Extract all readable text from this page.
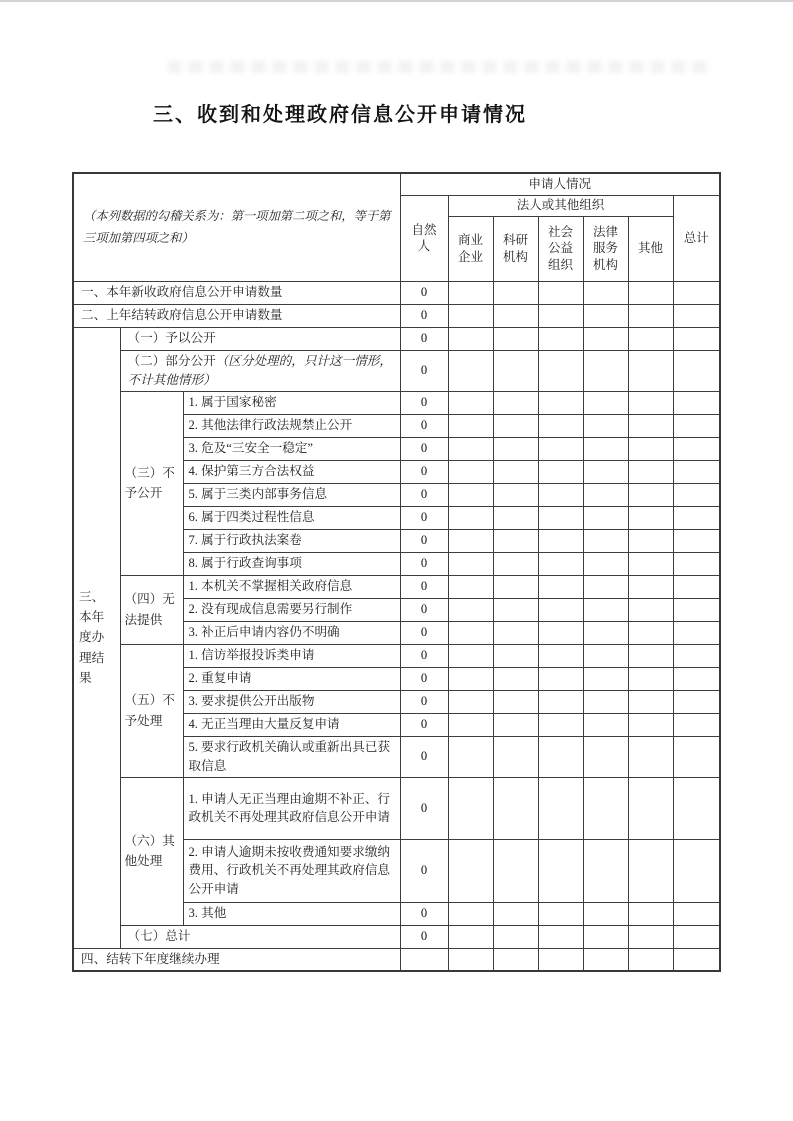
三、收到和处理政府信息公开申请情况
（本列数据的勾稽关系为：第一项加第二项之和，等于第三项加第四项之和）			申请人情况						
			自然人	法人或其他组织					总计
				商业企业	科研机构	社会公益组织	法律服务机构	其他	
一、本年新收政府信息公开申请数量			0						
二、上年结转政府信息公开申请数量			0						
三、本年度办理结果	（一）予以公开		0						
	（二）部分公开（区分处理的，只计这一情形，不计其他情形）		0						
	（三）不予公开	1. 属于国家秘密	0						
		2. 其他法律行政法规禁止公开	0						
		3. 危及“三安全一稳定”	0						
		4. 保护第三方合法权益	0						
		5. 属于三类内部事务信息	0						
		6. 属于四类过程性信息	0						
		7. 属于行政执法案卷	0						
		8. 属于行政查询事项	0						
	（四）无法提供	1. 本机关不掌握相关政府信息	0						
		2. 没有现成信息需要另行制作	0						
		3. 补正后申请内容仍不明确	0						
	（五）不予处理	1. 信访举报投诉类申请	0						
		2. 重复申请	0						
		3. 要求提供公开出版物	0						
		4. 无正当理由大量反复申请	0						
		5. 要求行政机关确认或重新出具已获取信息	0						
	（六）其他处理	1. 申请人无正当理由逾期不补正、行政机关不再处理其政府信息公开申请	0						
		2. 申请人逾期未按收费通知要求缴纳费用、行政机关不再处理其政府信息公开申请	0						
		3. 其他	0						
	（七）总计		0						
四、结转下年度继续办理									
